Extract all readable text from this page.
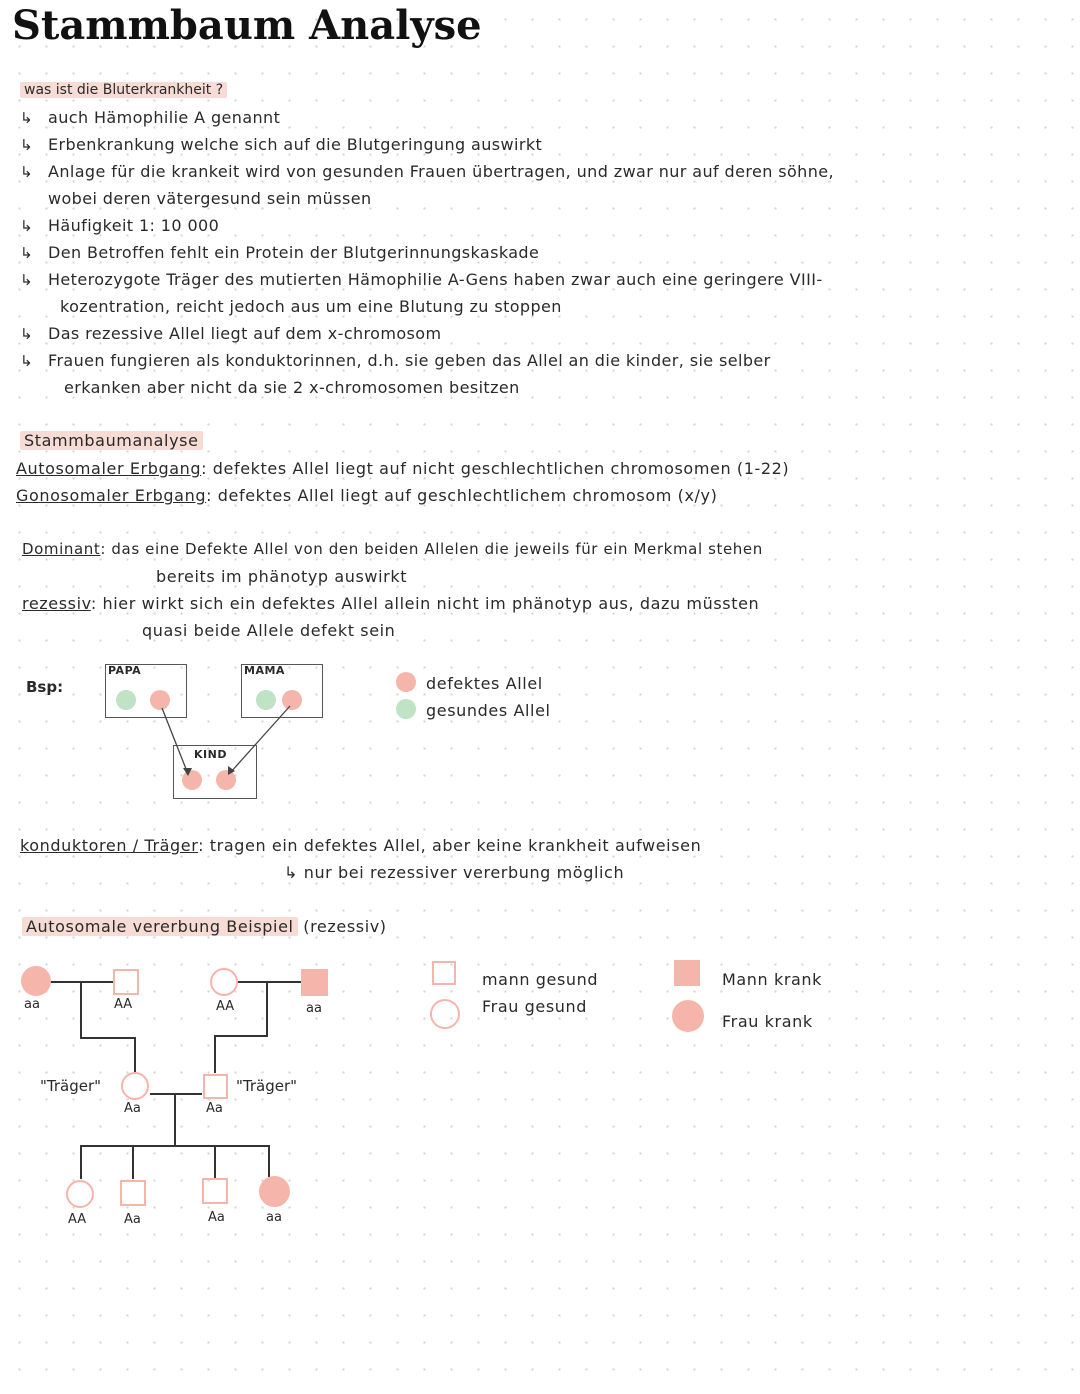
Stammbaum Analyse
was ist die Bluterkrankheit ?
↳ auch Hämophilie A genannt
↳ Erbenkrankung welche sich auf die Blutgeringung auswirkt
↳ Anlage für die krankeit wird von gesunden Frauen übertragen, und zwar nur auf deren söhne,
wobei deren vätergesund sein müssen
↳ Häufigkeit 1: 10 000
↳ Den Betroffen fehlt ein Protein der Blutgerinnungskaskade
↳ Heterozygote Träger des mutierten Hämophilie A-Gens haben zwar auch eine geringere VIII-
kozentration, reicht jedoch aus um eine Blutung zu stoppen
↳ Das rezessive Allel liegt auf dem x-chromosom
↳ Frauen fungieren als konduktorinnen, d.h. sie geben das Allel an die kinder, sie selber
erkanken aber nicht da sie 2 x-chromosomen besitzen
Stammbaumanalyse
Autosomaler Erbgang: defektes Allel liegt auf nicht geschlechtlichen chromosomen (1-22)
Gonosomaler Erbgang: defektes Allel liegt auf geschlechtlichem chromosom (x/y)
Dominant: das eine Defekte Allel von den beiden Allelen die jeweils für ein Merkmal stehen
bereits im phänotyp auswirkt
rezessiv: hier wirkt sich ein defektes Allel allein nicht im phänotyp aus, dazu müssten
quasi beide Allele defekt sein
Bsp:
PAPA	MAMA
KIND
defektes Allel
gesundes Allel
konduktoren / Träger: tragen ein defektes Allel, aber keine krankheit aufweisen
↳ nur bei rezessiver vererbung möglich
Autosomale vererbung Beispiel (rezessiv)
aa	AA	AA	aa
"Träger"
Aa	Aa
"Träger"
AA	Aa	Aa	aa
mann gesund
Frau gesund
Mann krank
Frau krank
